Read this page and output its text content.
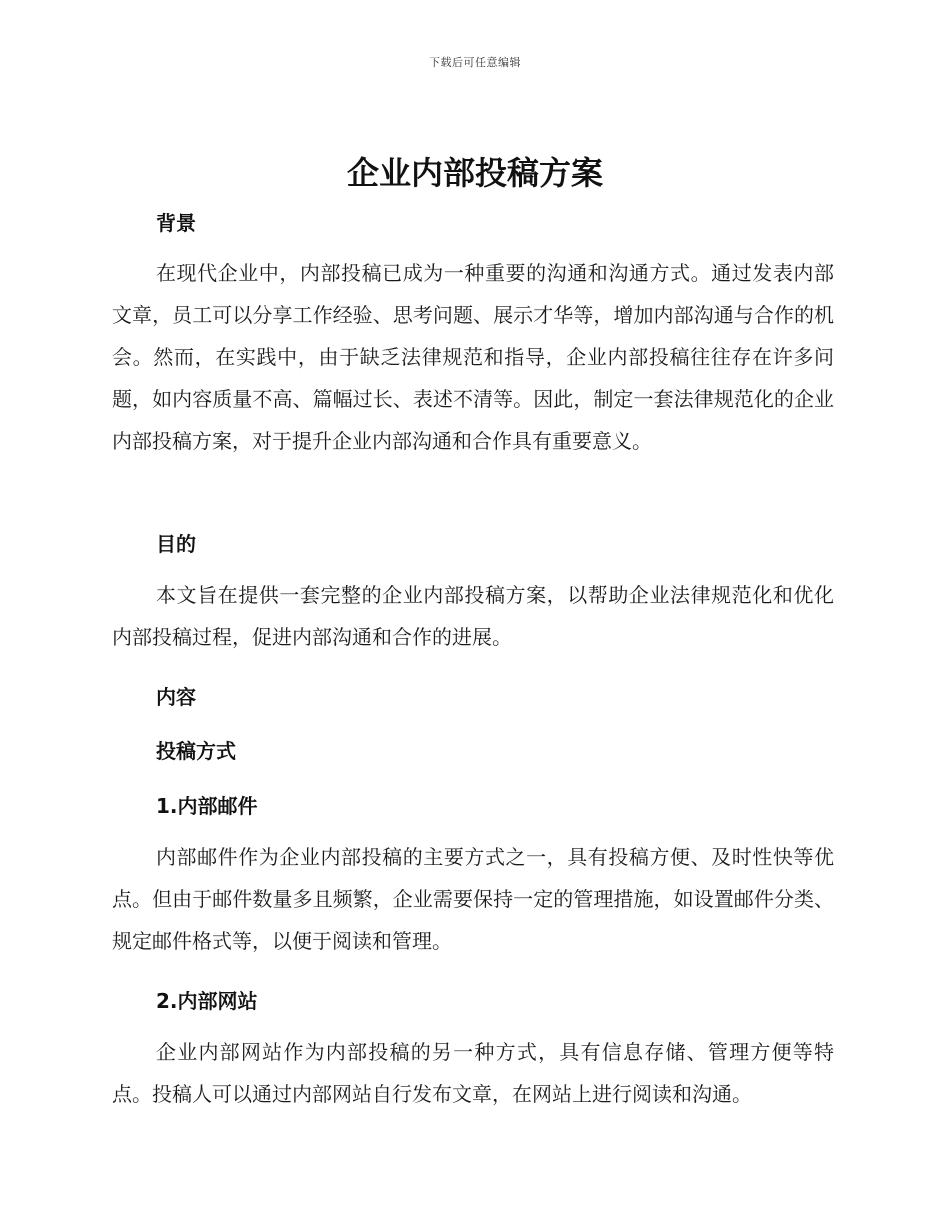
下载后可任意编辑
企业内部投稿方案
背景
在现代企业中，内部投稿已成为一种重要的沟通和沟通方式。通过发表内部文章，员工可以分享工作经验、思考问题、展示才华等，增加内部沟通与合作的机会。然而，在实践中，由于缺乏法律规范和指导，企业内部投稿往往存在许多问题，如内容质量不高、篇幅过长、表述不清等。因此，制定一套法律规范化的企业内部投稿方案，对于提升企业内部沟通和合作具有重要意义。
目的
本文旨在提供一套完整的企业内部投稿方案，以帮助企业法律规范化和优化内部投稿过程，促进内部沟通和合作的进展。
内容
投稿方式
1.内部邮件
内部邮件作为企业内部投稿的主要方式之一，具有投稿方便、及时性快等优点。但由于邮件数量多且频繁，企业需要保持一定的管理措施，如设置邮件分类、规定邮件格式等，以便于阅读和管理。
2.内部网站
企业内部网站作为内部投稿的另一种方式，具有信息存储、管理方便等特点。投稿人可以通过内部网站自行发布文章，在网站上进行阅读和沟通。
